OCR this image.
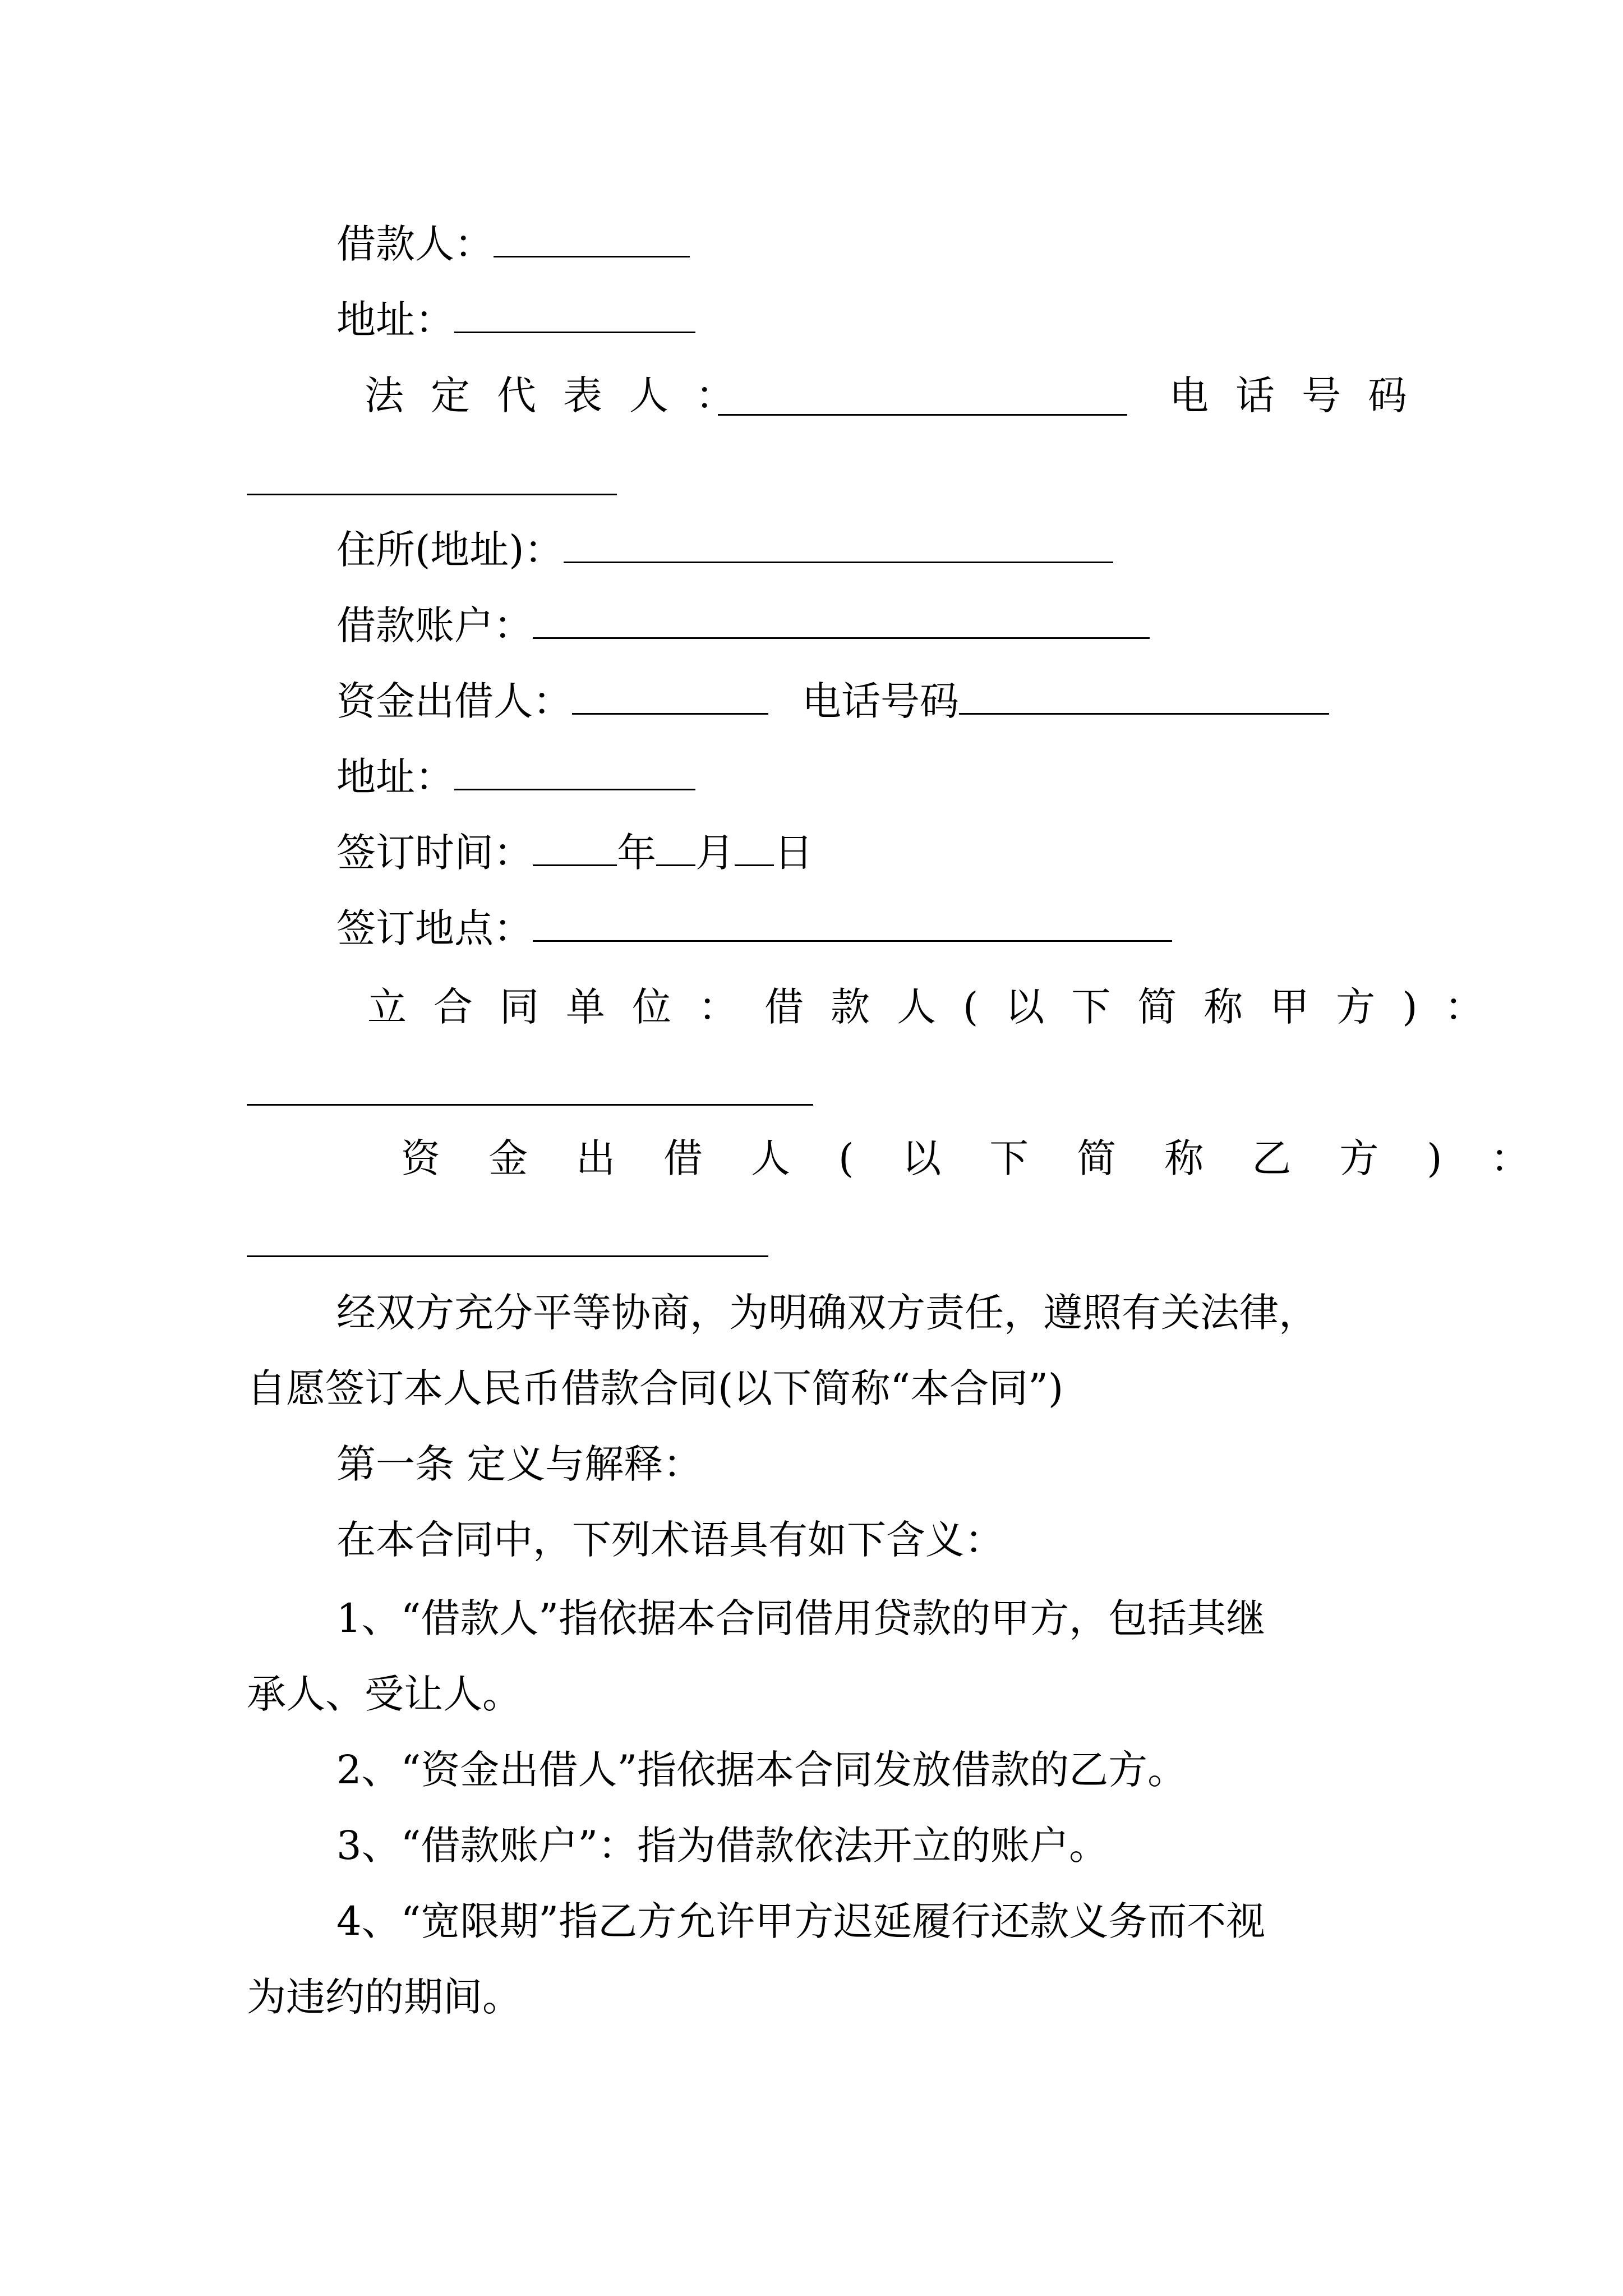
借款人：
地址：
法定代表人：	电话号码
住所(地址)：
借款账户：
资金出借人：	电话号码
地址：
签订时间： 年 月 日
签订地点：
立合同单位：借款人(以下简称甲方)：
资金出借人(以下简称乙方)：
经双方充分平等协商，为明确双方责任，遵照有关法律，
自愿签订本人民币借款合同(以下简称“本合同”)
第一条 定义与解释：
在本合同中，下列术语具有如下含义：
1、“借款人”指依据本合同借用贷款的甲方，包括其继
承人、受让人。
2、“资金出借人”指依据本合同发放借款的乙方。
3、“借款账户”：指为借款依法开立的账户。
4、“宽限期”指乙方允许甲方迟延履行还款义务而不视
为违约的期间。
